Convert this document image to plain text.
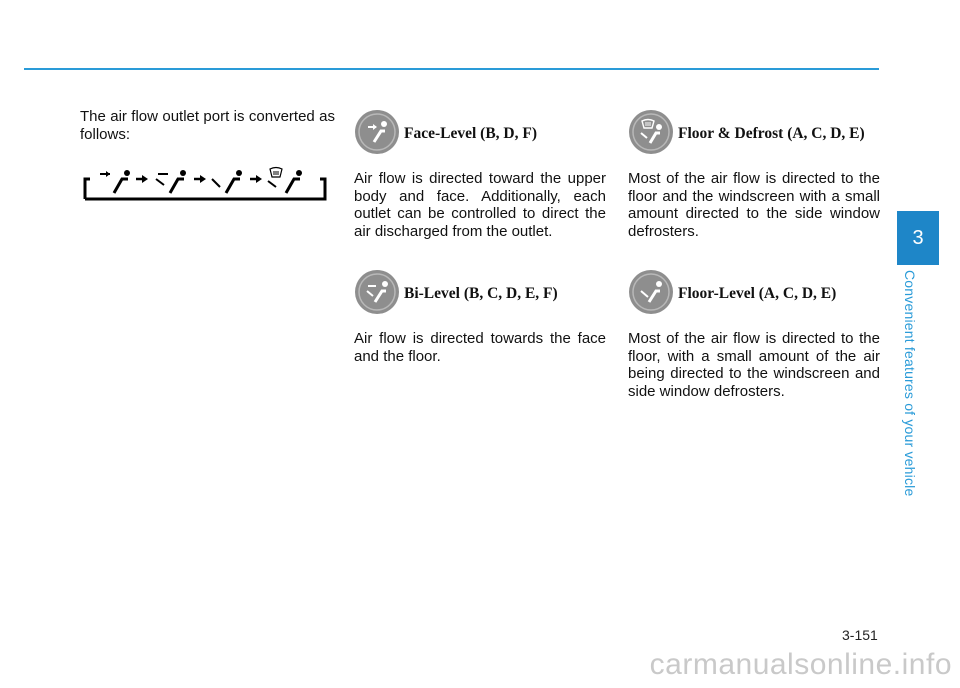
The air flow outlet port is converted as follows:	Face-Level (B, D, F)

Air flow is directed toward the upper body and face. Additionally, each outlet can be controlled to direct the air discharged from the outlet.

Bi-Level (B, C, D, E, F)

Air flow is directed towards the face and the floor.

Floor & Defrost (A, C, D, E)

Most of the air flow is directed to the floor and the windscreen with a small amount directed to the side window defrosters.

Floor-Level (A, C, D, E)

Most of the air flow is directed to the floor, with a small amount of the air being directed to the windscreen and side window defrosters.

3
Convenient features of your vehicle
3-151
carmanualsonline.info
